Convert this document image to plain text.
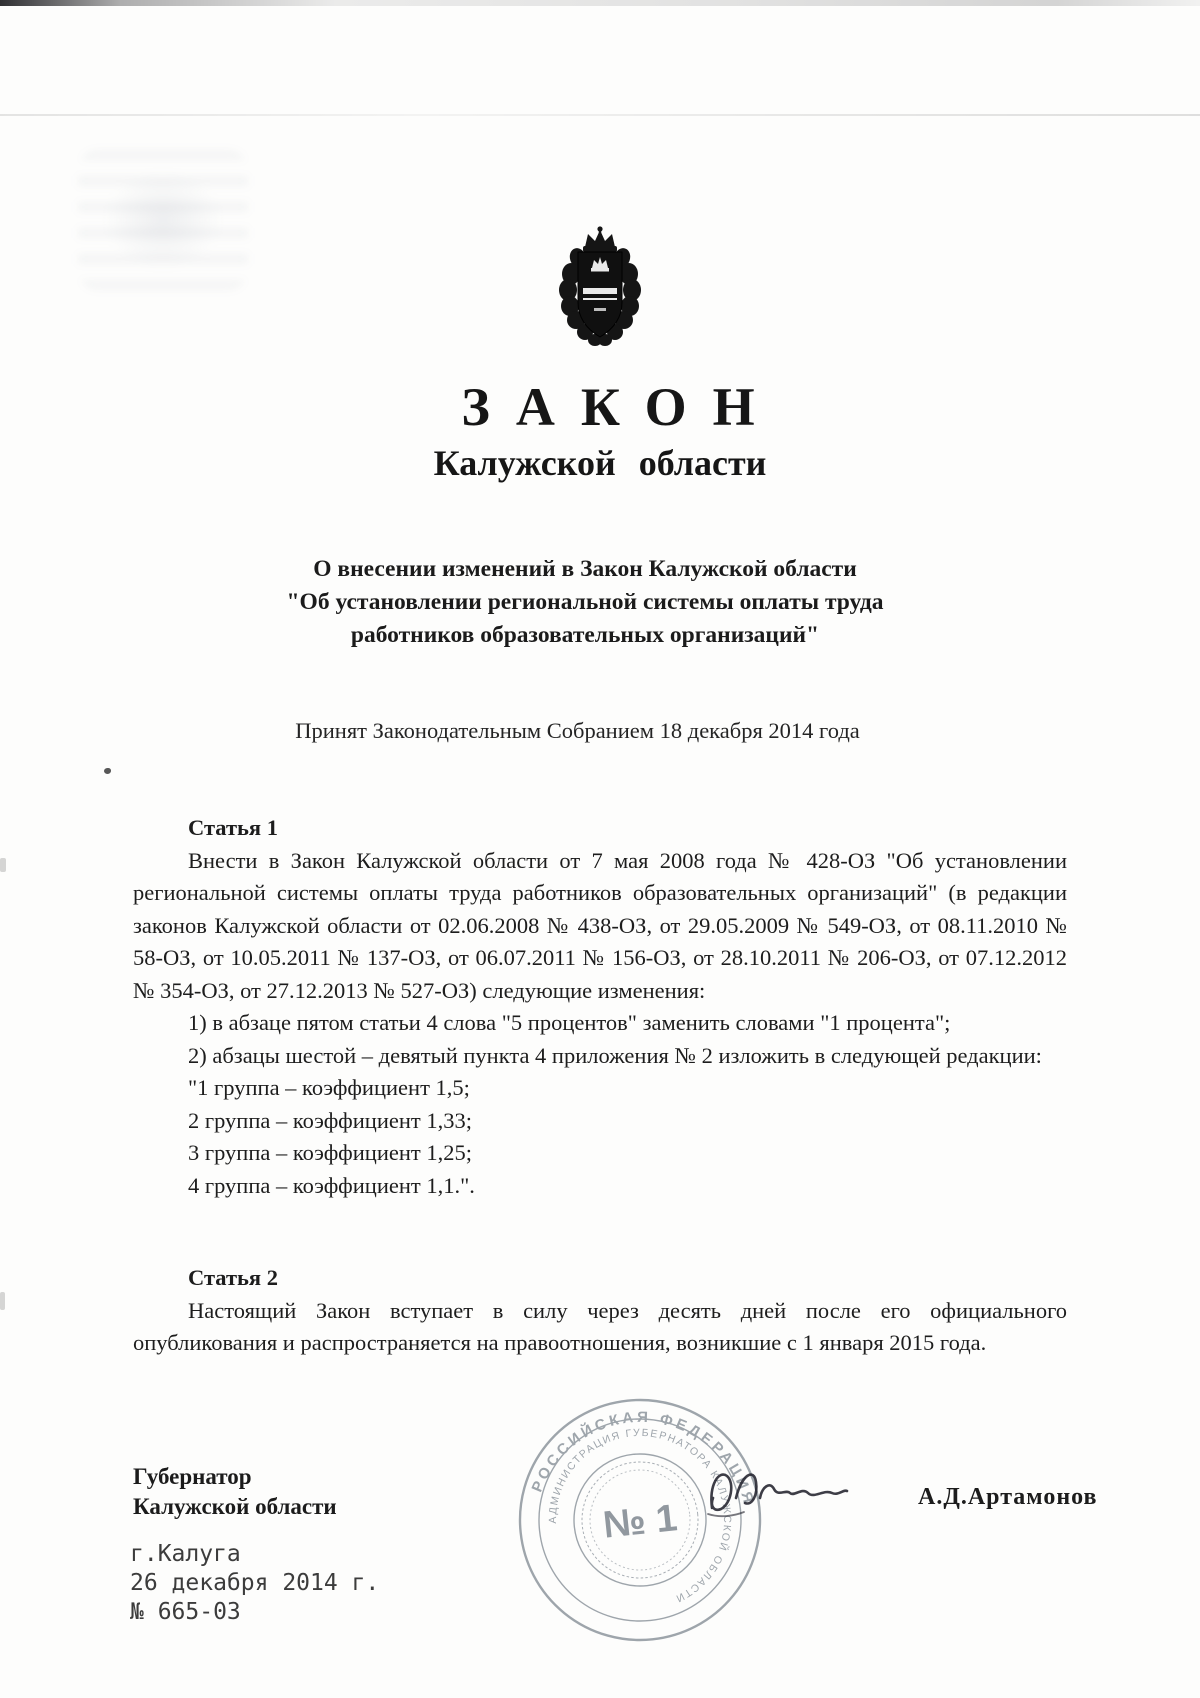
ЗАКОН
Калужской области
О внесении изменений в Закон Калужской области
"Об установлении региональной системы оплаты труда
работников образовательных организаций"
Принят Законодательным Собранием 18 декабря 2014 года

Статья 1

Внести в Закон Калужской области от 7 мая 2008 года № 428-ОЗ "Об установлении региональной системы оплаты труда работников образовательных организаций" (в редакции законов Калужской области от 02.06.2008 № 438-ОЗ, от 29.05.2009 № 549-ОЗ, от 08.11.2010 № 58-ОЗ, от 10.05.2011 № 137-ОЗ, от 06.07.2011 № 156-ОЗ, от 28.10.2011 № 206-ОЗ, от 07.12.2012 № 354-ОЗ, от 27.12.2013 № 527-ОЗ) следующие изменения:

1) в абзаце пятом статьи 4 слова "5 процентов" заменить словами "1 процента";

2) абзацы шестой – девятый пункта 4 приложения № 2 изложить в следующей редакции:

"1 группа – коэффициент 1,5;

2 группа – коэффициент 1,33;

3 группа – коэффициент 1,25;

4 группа – коэффициент 1,1.".

Статья 2

Настоящий Закон вступает в силу через десять дней после его официального опубликования и распространяется на правоотношения, возникшие с 1 января 2015 года.

РОССИЙСКАЯ ФЕДЕРАЦИЯ
АДМИНИСТРАЦИЯ ГУБЕРНАТОРА КАЛУЖСКОЙ ОБЛАСТИ
№ 1
Губернатор
Калужской области
г.Калуга
26 декабря 2014 г.
№ 665-03
А.Д.Артамонов
